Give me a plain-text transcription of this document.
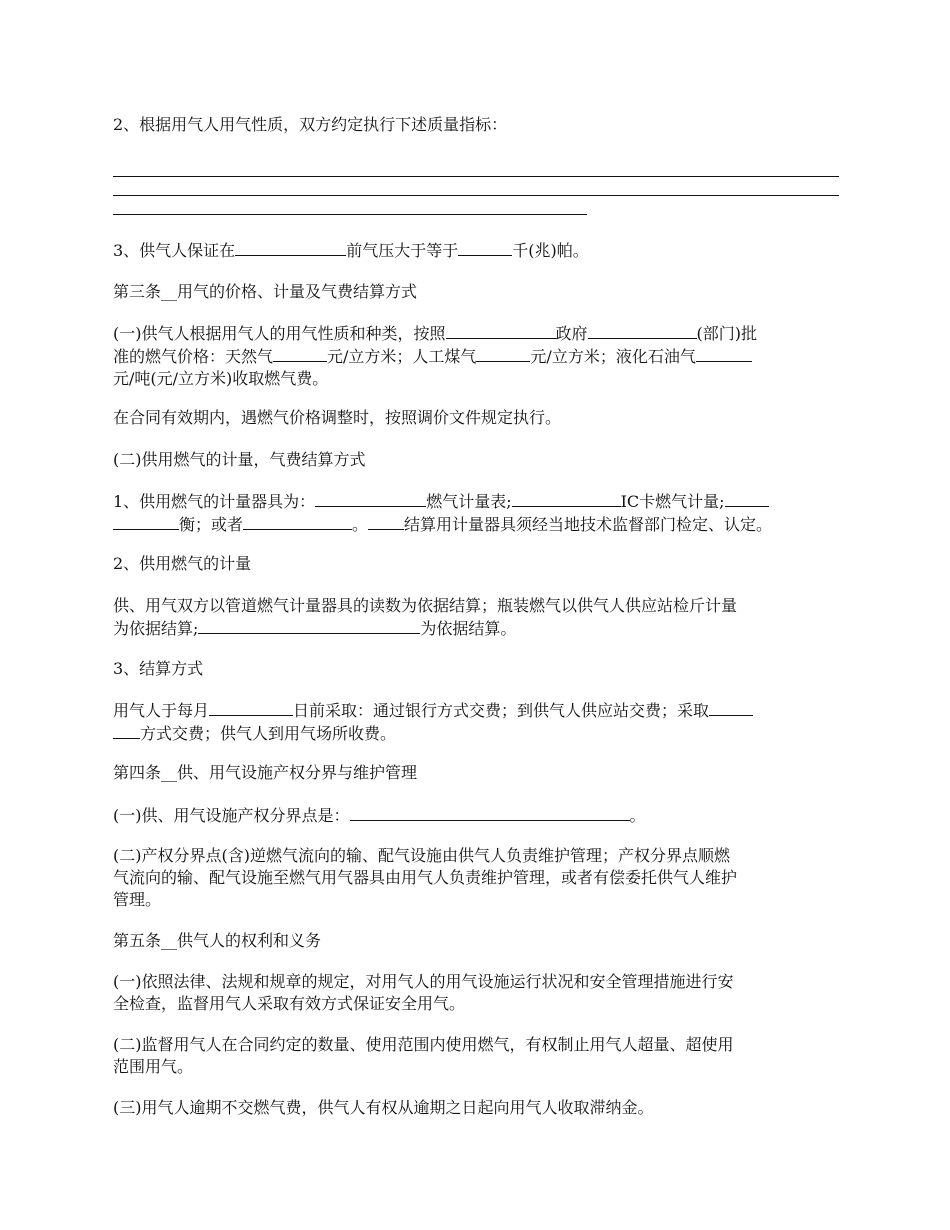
2、根据用气人用气性质，双方约定执行下述质量指标：

3、供气人保证在	前气压大于等于	千(兆)帕。

第三条__用气的价格、计量及气费结算方式

(一)供气人根据用气人的用气性质和种类，按照	政府	(部门)批
准的燃气价格：天然气	元/立方米；人工煤气	元/立方米；液化石油气
元/吨(元/立方米)收取燃气费。

在合同有效期内，遇燃气价格调整时，按照调价文件规定执行。

(二)供用燃气的计量，气费结算方式

1、供用燃气的计量器具为：	燃气计量表;	IC卡燃气计量;
衡；或者	。 结算用计量器具须经当地技术监督部门检定、认定。

2、供用燃气的计量

供、用气双方以管道燃气计量器具的读数为依据结算；瓶装燃气以供气人供应站检斤计量
为依据结算;	为依据结算。

3、结算方式

用气人于每月	日前采取：通过银行方式交费；到供气人供应站交费；采取
方式交费；供气人到用气场所收费。

第四条__供、用气设施产权分界与维护管理

(一)供、用气设施产权分界点是：	。

(二)产权分界点(含)逆燃气流向的输、配气设施由供气人负责维护管理；产权分界点顺燃
气流向的输、配气设施至燃气用气器具由用气人负责维护管理，或者有偿委托供气人维护
管理。

第五条__供气人的权利和义务

(一)依照法律、法规和规章的规定，对用气人的用气设施运行状况和安全管理措施进行安
全检查，监督用气人采取有效方式保证安全用气。

(二)监督用气人在合同约定的数量、使用范围内使用燃气，有权制止用气人超量、超使用
范围用气。

(三)用气人逾期不交燃气费，供气人有权从逾期之日起向用气人收取滞纳金。
